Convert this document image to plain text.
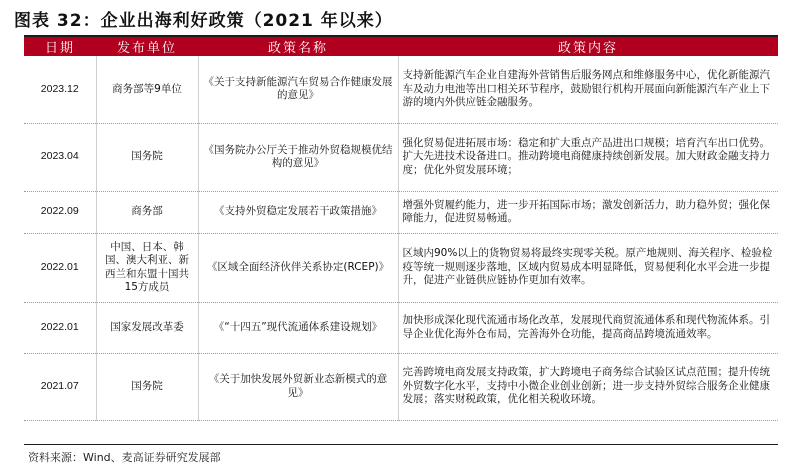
图表 32：企业出海利好政策（2021 年以来）
日期	发布单位	政策名称	政策内容
2023.12	商务部等9单位	《关于支持新能源汽车贸易合作健康发展的意见》	支持新能源汽车企业自建海外营销售后服务网点和维修服务中心，优化新能源汽车及动力电池等出口相关环节程序，鼓励银行机构开展面向新能源汽车产业上下游的境内外供应链金融服务。
2023.04	国务院	《国务院办公厅关于推动外贸稳规模优结构的意见》	强化贸易促进拓展市场：稳定和扩大重点产品进出口规模；培育汽车出口优势。扩大先进技术设备进口。推动跨境电商健康持续创新发展。加大财政金融支持力度；优化外贸发展环境；
2022.09	商务部	《支持外贸稳定发展若干政策措施》	增强外贸履约能力，进一步开拓国际市场；激发创新活力，助力稳外贸；强化保障能力，促进贸易畅通。
2022.01	中国、日本、韩国、澳大利亚、新西兰和东盟十国共15方成员	《区域全面经济伙伴关系协定(RCEP)》	区域内90%以上的货物贸易将最终实现零关税。原产地规则、海关程序、检验检疫等统一规则逐步落地，区域内贸易成本明显降低，贸易便利化水平会进一步提升，促进产业链供应链协作更加有效率。
2022.01	国家发展改革委	《“十四五”现代流通体系建设规划》	加快形成深化现代流通市场化改革，发展现代商贸流通体系和现代物流体系。引导企业优化海外仓布局，完善海外仓功能，提高商品跨境流通效率。
2021.07	国务院	《关于加快发展外贸新业态新模式的意见》	完善跨境电商发展支持政策，扩大跨境电子商务综合试验区试点范围；提升传统外贸数字化水平，支持中小微企业创业创新；进一步支持外贸综合服务企业健康发展；落实财税政策，优化相关税收环境。
资料来源：Wind、麦高证券研究发展部
